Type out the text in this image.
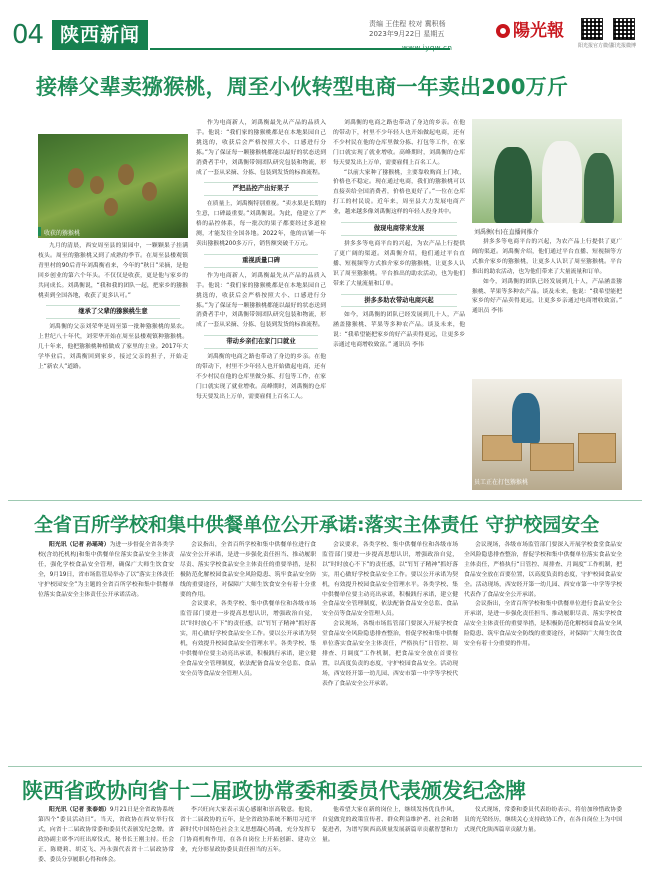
04 陕西新闻	责编 王佳程 校对 冀积杨
2023年9月22日 星期五
www.iyqw.cn
陽光報
阳光报官方微信
阳光报微博
接棒父辈卖猕猴桃，周至小伙转型电商一年卖出200万斤
收获的猕猴桃	刘禹衡(右)在直播间推介
员工正在打包猕猴桃

九月的清晨，西安周至县的果园中，一颗颗果子挂满枝头。周至的猕猴桃又到了成熟的季节。在周至县楼观镇青里村的90后青年刘禹衡看来，今年的“秋日”采摘，是他回乡创业的第六个年头。不仅仅是收获，更是他与家乡的共同成长。刘禹衡说，“我和我的团队一起，把家乡的猕猴桃卖到全国各地，收获了更多认可。”

继承了父辈的猕猴桃生意

刘禹衡的父亲刘荣华是周至第一批种猕猴桃的果农。上世纪八十年代，刘荣华开始在周至县楼观镇种猕猴桃。几十年来，他把猕猴桃种植做成了家里的主业。2017年大学毕业后，刘禹衡回到家乡，接过父亲的担子，开始走上“新农人”道路。

作为电商新人，刘禹衡最先从产品的品质入手。他说：“我们家的猕猴桃都是在本地果园自己挑选的，收获后会严格按照大小、口感进行分拣。”为了保证每一颗猕猴桃都能以最好的状态送到消费者手中，刘禹衡带领团队研究包装和物流，形成了一套从采摘、分拣、包装到发货的标准流程。

严把品控产出好果子

在质量上，刘禹衡特别重视。“卖水果是长期的生意，口碑最重要。”刘禹衡说。为此，他建立了严格的品控体系，每一批次的果子都要经过多道检测，才能发往全国各地。2022年，他的店铺一年卖出猕猴桃200多万斤，销售额突破千万元。

重视质量口碑

作为电商新人，刘禹衡最先从产品的品质入手。他说：“我们家的猕猴桃都是在本地果园自己挑选的，收获后会严格按照大小、口感进行分拣。”为了保证每一颗猕猴桃都能以最好的状态送到消费者手中，刘禹衡带领团队研究包装和物流，形成了一套从采摘、分拣、包装到发货的标准流程。

带动乡亲们在家门口就业

刘禹衡的电商之路也带动了身边的乡亲。在他的带动下，村里不少年轻人也开始做起电商，还有不少村民在他的仓库里做分拣、打包等工作，在家门口就实现了就业增收。高峰期时，刘禹衡的仓库每天要发出上万单，需要雇佣上百名工人。

刘禹衡的电商之路也带动了身边的乡亲。在他的带动下，村里不少年轻人也开始做起电商，还有不少村民在他的仓库里做分拣、打包等工作，在家门口就实现了就业增收。高峰期时，刘禹衡的仓库每天要发出上万单，需要雇佣上百名工人。

“以前大家种了猕猴桃，主要靠收购商上门收，价格也不稳定。现在通过电商，我们的猕猴桃可以直接卖给全国消费者，价格也更好了。”一位在仓库打工的村民说。近年来，周至县大力发展电商产业，越来越多像刘禹衡这样的年轻人投身其中。

做现电商带来发展

拼多多等电商平台的兴起，为农产品上行提供了更广阔的渠道。刘禹衡介绍，他们通过平台直播、短视频等方式推介家乡的猕猴桃，让更多人认识了周至猕猴桃。平台推出的助农活动，也为他们带来了大量流量和订单。

拼多多助农带动电商兴起

如今，刘禹衡的团队已经发展到几十人，产品涵盖猕猴桃、苹果等多种农产品。谈及未来，他说：“我希望能把家乡的好产品卖得更远，让更多乡亲通过电商增收致富。” 通讯员 李伟

拼多多等电商平台的兴起，为农产品上行提供了更广阔的渠道。刘禹衡介绍，他们通过平台直播、短视频等方式推介家乡的猕猴桃，让更多人认识了周至猕猴桃。平台推出的助农活动，也为他们带来了大量流量和订单。

如今，刘禹衡的团队已经发展到几十人，产品涵盖猕猴桃、苹果等多种农产品。谈及未来，他说：“我希望能把家乡的好产品卖得更远，让更多乡亲通过电商增收致富。” 通讯员 李伟

全省百所学校和集中供餐单位公开承诺:落实主体责任 守护校园安全

阳光讯（记者 孙瑶琦）为进一步督促全省各类学校(含幼托机构)和集中供餐单位落实食品安全主体责任，强化学校食品安全管理，确保广大师生饮食安全，9月19日，省市场监管局举办了以“落实主体责任 守护校园安全”为主题的全省百所学校和集中供餐单位落实食品安全主体责任公开承诺活动。

会议指出，全省百所学校和集中供餐单位进行食品安全公开承诺，是进一步强化责任担当、推动履职尽责、落实学校食品安全主体责任的重要举措，是积极防范化解校园食品安全风险隐患、筑牢食品安全防线的重要途径，对保障广大师生饮食安全有着十分重要的作用。

会议要求，各类学校、集中供餐单位和各级市场监管部门要进一步提高思想认识，增强政治自觉，以“时时放心不下”的责任感，以“钉钉子精神”抓好落实，用心做好学校食品安全工作。要以公开承诺为契机，有效提升校园食品安全管理水平。各类学校、集中供餐单位要主动亮出承诺，积极践行承诺，建立健全食品安全管理制度，依法配备食品安全总监、食品安全员等食品安全管理人员。

会议要求，各类学校、集中供餐单位和各级市场监管部门要进一步提高思想认识，增强政治自觉，以“时时放心不下”的责任感，以“钉钉子精神”抓好落实，用心做好学校食品安全工作。要以公开承诺为契机，有效提升校园食品安全管理水平。各类学校、集中供餐单位要主动亮出承诺，积极践行承诺，建立健全食品安全管理制度，依法配备食品安全总监、食品安全员等食品安全管理人员。

会议现场，各级市场监管部门要深入开展学校食堂食品安全风险隐患排查整治，督促学校和集中供餐单位落实食品安全主体责任，严格执行“日管控、周排查、月调度”工作机制，把食品安全放在首要位置，以高度负责的态度，守护校园食品安全。活动现场，西安经开第一幼儿园、西安市第一中学等学校代表作了食品安全公开承诺。

会议现场，各级市场监管部门要深入开展学校食堂食品安全风险隐患排查整治，督促学校和集中供餐单位落实食品安全主体责任，严格执行“日管控、周排查、月调度”工作机制，把食品安全放在首要位置，以高度负责的态度，守护校园食品安全。活动现场，西安经开第一幼儿园、西安市第一中学等学校代表作了食品安全公开承诺。

会议指出，全省百所学校和集中供餐单位进行食品安全公开承诺，是进一步强化责任担当、推动履职尽责、落实学校食品安全主体责任的重要举措，是积极防范化解校园食品安全风险隐患、筑牢食品安全防线的重要途径，对保障广大师生饮食安全有着十分重要的作用。

陕西省政协向省十二届政协常委和委员代表颁发纪念牌

阳光讯（记者 张泰娟）9月21日是全省政协系统第四个“委员活动日”。当天，省政协在西安举行仪式，向省十二届政协常委和委员代表颁发纪念牌。省政协副主席李兴旺出席仪式，秘书长王刚主持。任会正、陈晓莉、胡克飞、冯永强代表省十二届政协常委、委员分享履职心得和体会。

李兴旺向大家表示衷心感谢和崇高敬意。他说，省十二届政协的五年，是全省政协系统不断用习近平新时代中国特色社会主义思想凝心铸魂，充分发挥专门协商机构作用，在各自岗位上开拓创新、建功立业，充分彰显政协委员责任担当的五年。

他希望大家在新的岗位上，继续发扬优良作风，自觉做党的政策宣传者、群众利益维护者、社会和谐促进者，为谱写陕西高质量发展新篇章贡献智慧和力量。

仪式现场，常委和委员代表纷纷表示，将倍加珍惜政协委员的光荣经历，继续关心支持政协工作，在各自岗位上为中国式现代化陕西篇章贡献力量。
